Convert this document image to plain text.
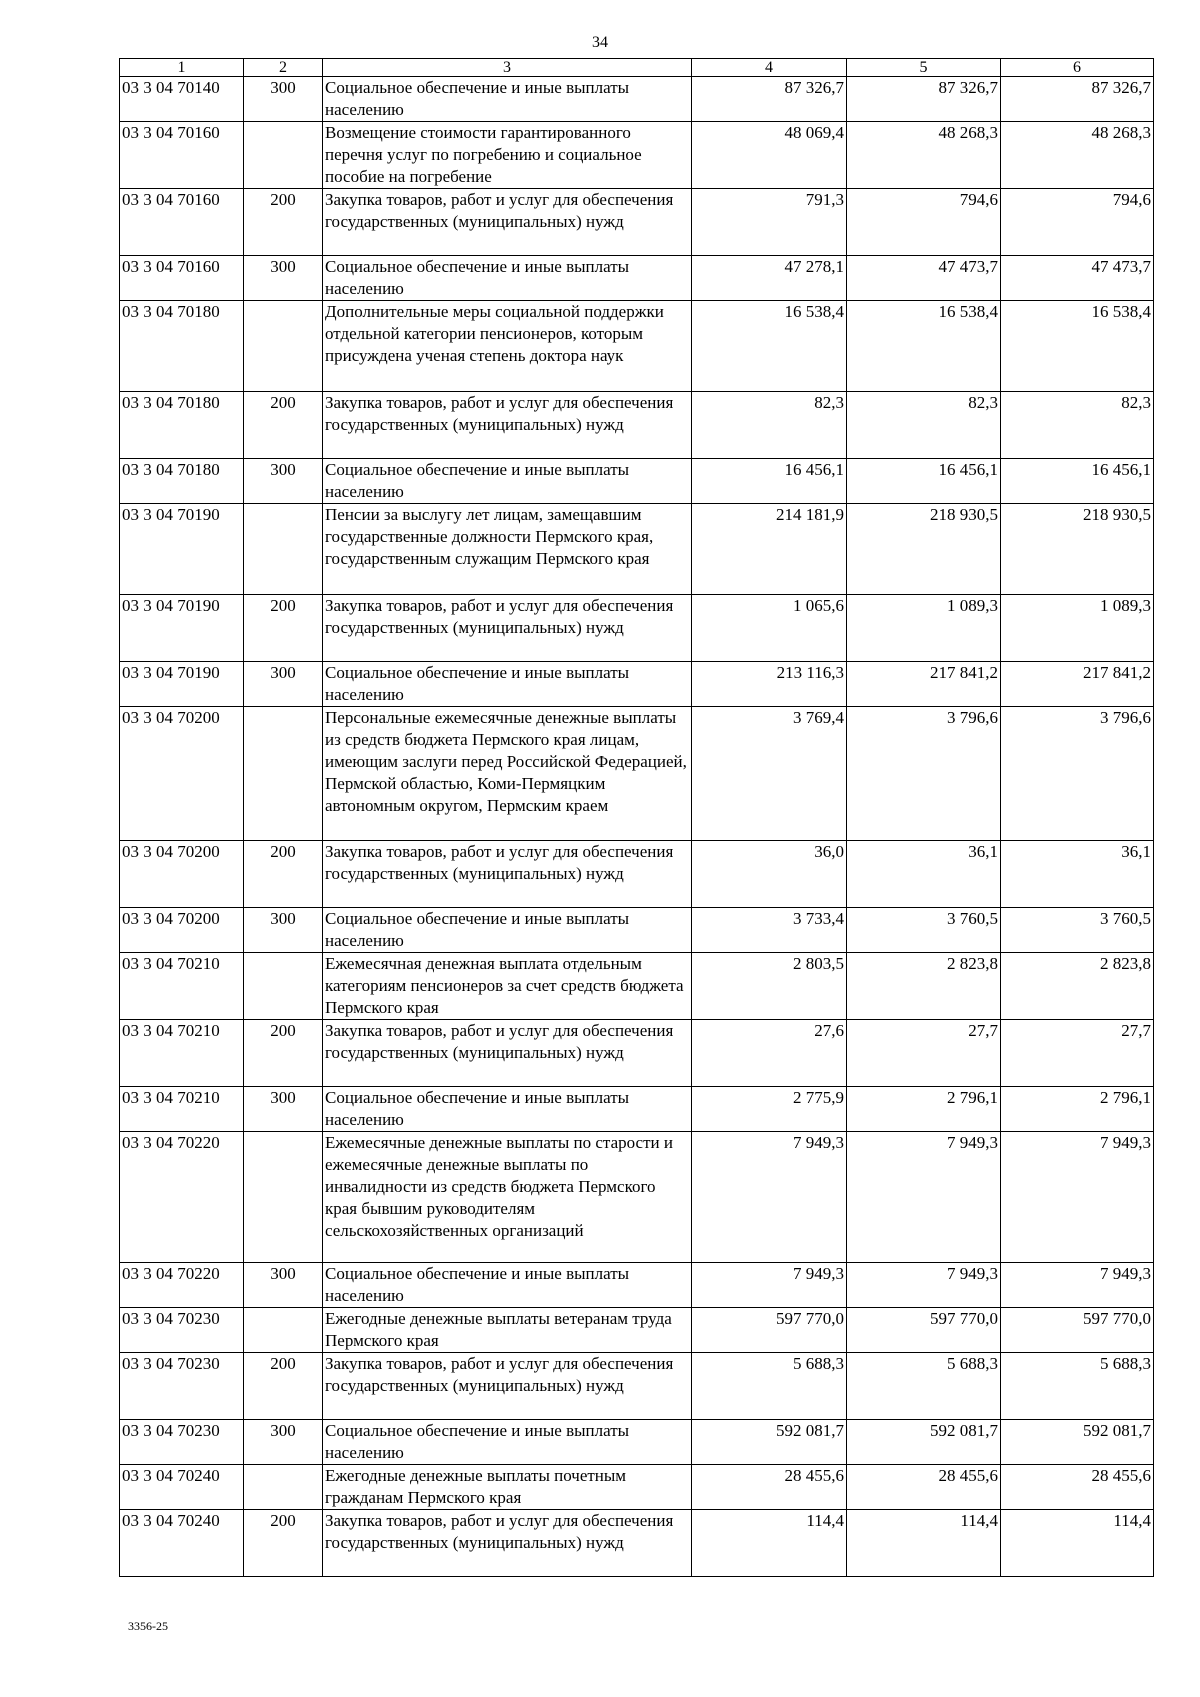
34
1	2	3	4	5	6
03 3 04 70140	300	Социальное обеспечение и иные выплаты населению	87 326,7	87 326,7	87 326,7
03 3 04 70160		Возмещение стоимости гарантированного перечня услуг по погребению и социальное пособие на погребение	48 069,4	48 268,3	48 268,3
03 3 04 70160	200	Закупка товаров, работ и услуг для обеспечения государственных (муниципальных) нужд	791,3	794,6	794,6
03 3 04 70160	300	Социальное обеспечение и иные выплаты населению	47 278,1	47 473,7	47 473,7
03 3 04 70180		Дополнительные меры социальной поддержки отдельной категории пенсионеров, которым присуждена ученая степень доктора наук	16 538,4	16 538,4	16 538,4
03 3 04 70180	200	Закупка товаров, работ и услуг для обеспечения государственных (муниципальных) нужд	82,3	82,3	82,3
03 3 04 70180	300	Социальное обеспечение и иные выплаты населению	16 456,1	16 456,1	16 456,1
03 3 04 70190		Пенсии за выслугу лет лицам, замещавшим государственные должности Пермского края, государственным служащим Пермского края	214 181,9	218 930,5	218 930,5
03 3 04 70190	200	Закупка товаров, работ и услуг для обеспечения государственных (муниципальных) нужд	1 065,6	1 089,3	1 089,3
03 3 04 70190	300	Социальное обеспечение и иные выплаты населению	213 116,3	217 841,2	217 841,2
03 3 04 70200		Персональные ежемесячные денежные выплаты из средств бюджета Пермского края лицам, имеющим заслуги перед Российской Федерацией, Пермской областью, Коми-Пермяцким автономным округом, Пермским краем	3 769,4	3 796,6	3 796,6
03 3 04 70200	200	Закупка товаров, работ и услуг для обеспечения государственных (муниципальных) нужд	36,0	36,1	36,1
03 3 04 70200	300	Социальное обеспечение и иные выплаты населению	3 733,4	3 760,5	3 760,5
03 3 04 70210		Ежемесячная денежная выплата отдельным категориям пенсионеров за счет средств бюджета Пермского края	2 803,5	2 823,8	2 823,8
03 3 04 70210	200	Закупка товаров, работ и услуг для обеспечения государственных (муниципальных) нужд	27,6	27,7	27,7
03 3 04 70210	300	Социальное обеспечение и иные выплаты населению	2 775,9	2 796,1	2 796,1
03 3 04 70220		Ежемесячные денежные выплаты по старости и ежемесячные денежные выплаты по инвалидности из средств бюджета Пермского края бывшим руководителям сельскохозяйственных организаций	7 949,3	7 949,3	7 949,3
03 3 04 70220	300	Социальное обеспечение и иные выплаты населению	7 949,3	7 949,3	7 949,3
03 3 04 70230		Ежегодные денежные выплаты ветеранам труда Пермского края	597 770,0	597 770,0	597 770,0
03 3 04 70230	200	Закупка товаров, работ и услуг для обеспечения государственных (муниципальных) нужд	5 688,3	5 688,3	5 688,3
03 3 04 70230	300	Социальное обеспечение и иные выплаты населению	592 081,7	592 081,7	592 081,7
03 3 04 70240		Ежегодные денежные выплаты почетным гражданам Пермского края	28 455,6	28 455,6	28 455,6
03 3 04 70240	200	Закупка товаров, работ и услуг для обеспечения государственных (муниципальных) нужд	114,4	114,4	114,4
3356-25
